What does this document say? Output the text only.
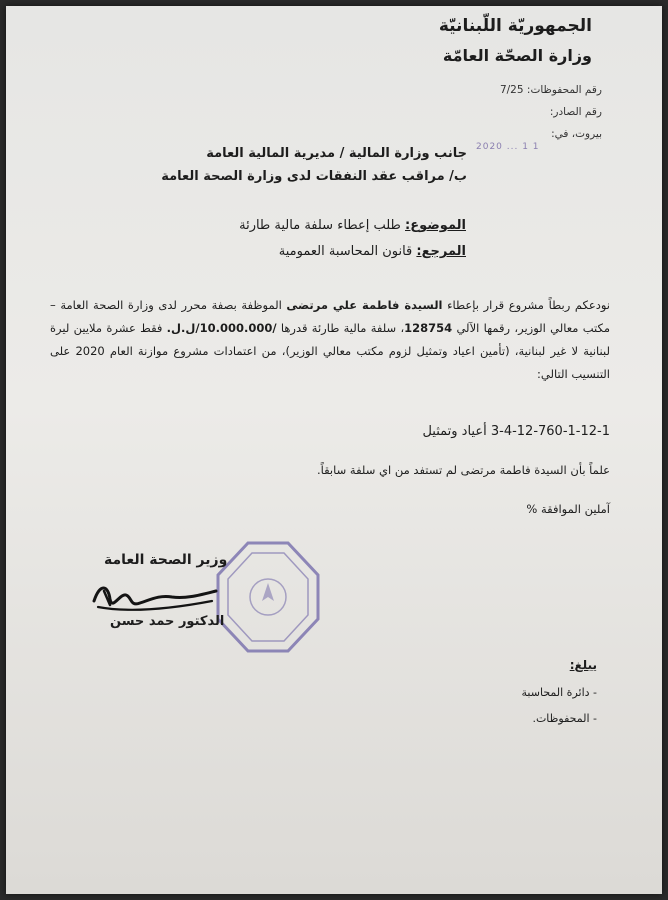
الجمهوريّة اللّبنانيّة
وزارة الصحّة العامّة
رقم المحفوظات: 7/25
رقم الصادر:
بيروت، في:
2020 ... 1 1
جانب وزارة المالية / مديرية المالية العامة
ب/ مراقب عقد النفقات لدى وزارة الصحة العامة
الموضوع: طلب إعطاء سلفة مالية طارئة
المرجع: قانون المحاسبة العمومية
نودعكم ربطاً مشروع قرار بإعطاء السيدة فاطمة علي مرتضى الموظفة بصفة محرر لدى وزارة الصحة العامة – مكتب معالي الوزير، رقمها الآلي 128754، سلفة مالية طارئة قدرها /10.000.000/ل.ل. فقط عشرة ملايين ليرة لبنانية لا غير لبنانية، (تأمين اعياد وتمثيل لزوم مكتب معالي الوزير)، من اعتمادات مشروع موازنة العام 2020 على التنسيب التالي:
3-4-12-760-1-12-1 أعياد وتمثيل
علماً بأن السيدة فاطمة مرتضى لم تستفد من اي سلفة سابقاً.
آملين الموافقة %
وزير الصحة العامة
الدكتور حمد حسن
يبلغ:
- دائرة المحاسبة
- المحفوظات.
